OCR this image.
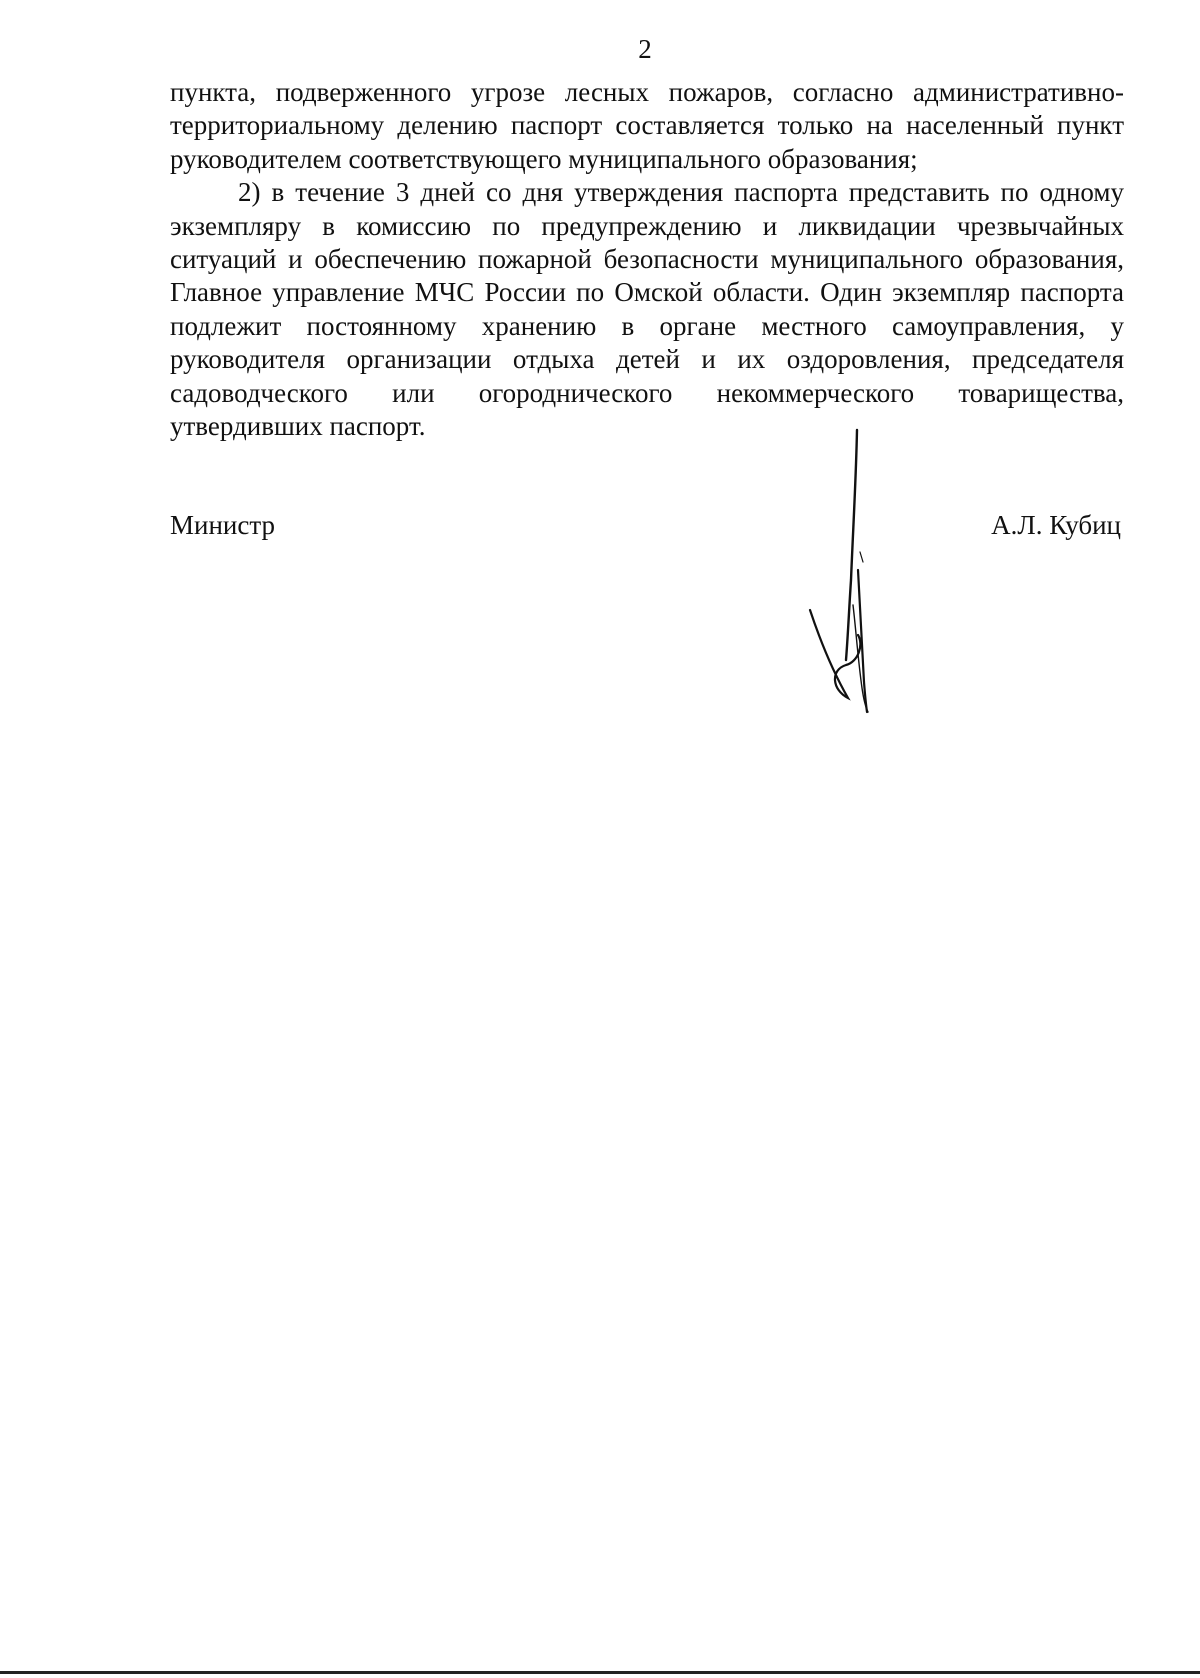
2

пункта, подверженного угрозе лесных пожаров, согласно административно-территориальному делению паспорт составляется только на населенный пункт руководителем соответствующего муниципального образования;

2) в течение 3 дней со дня утверждения паспорта представить по одному экземпляру в комиссию по предупреждению и ликвидации чрезвычайных ситуаций и обеспечению пожарной безопасности муниципального образования, Главное управление МЧС России по Омской области. Один экземпляр паспорта подлежит постоянному хранению в органе местного самоуправления, у руководителя организации отдыха детей и их оздоровления, председателя садоводческого или огороднического некоммерческого товарищества, утвердивших паспорт.

Министр	А.Л. Кубиц
